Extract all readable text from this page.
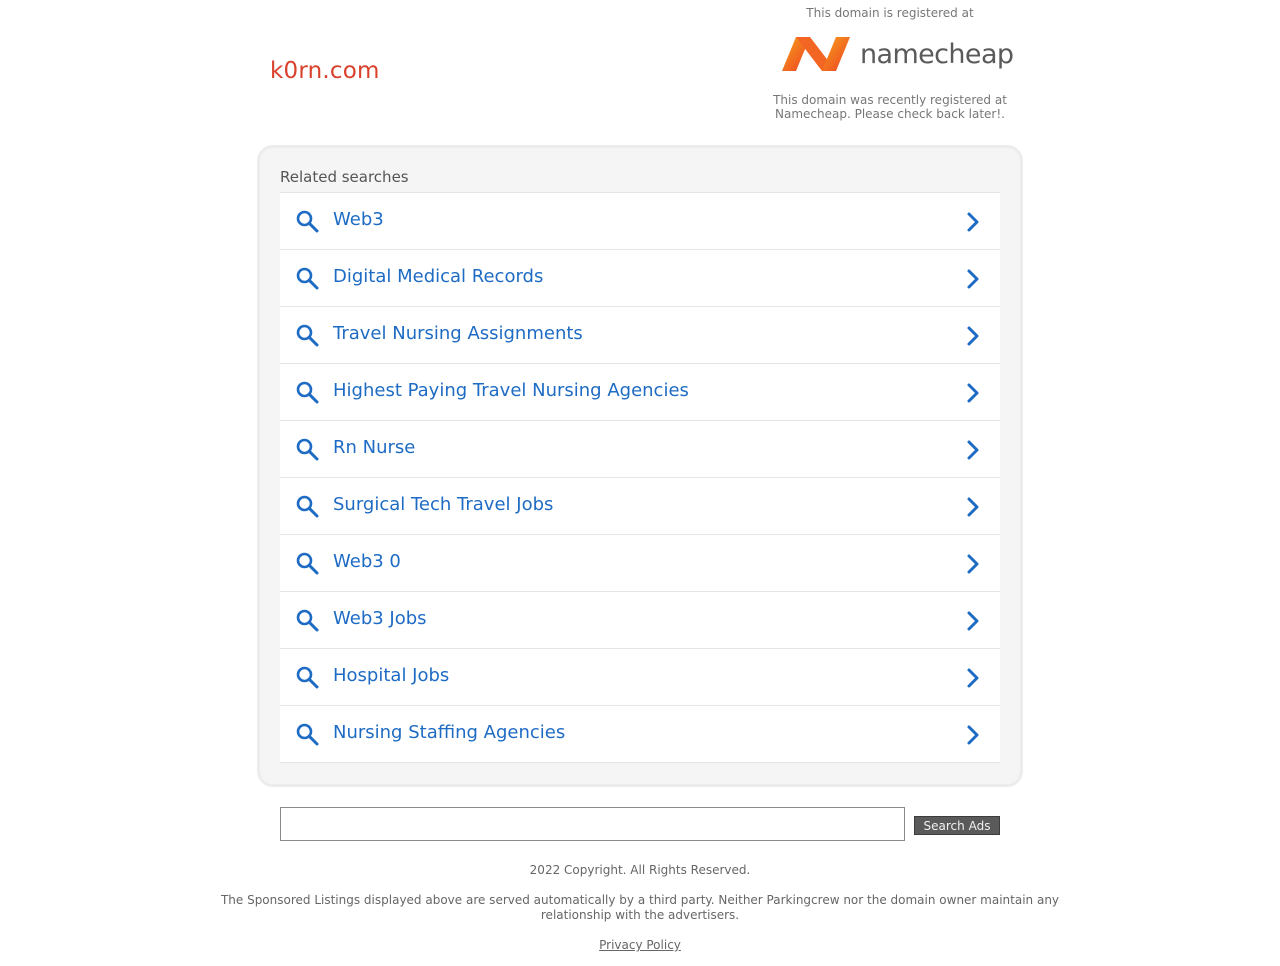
k0rn.com
This domain is registered at
namecheap
This domain was recently registered at Namecheap. Please check back later!.
Related searches
Web3
Digital Medical Records
Travel Nursing Assignments
Highest Paying Travel Nursing Agencies
Rn Nurse
Surgical Tech Travel Jobs
Web3 0
Web3 Jobs
Hospital Jobs
Nursing Staffing Agencies
Search Ads
2022 Copyright. All Rights Reserved.
The Sponsored Listings displayed above are served automatically by a third party. Neither Parkingcrew nor the domain owner maintain any relationship with the advertisers.
Privacy Policy
